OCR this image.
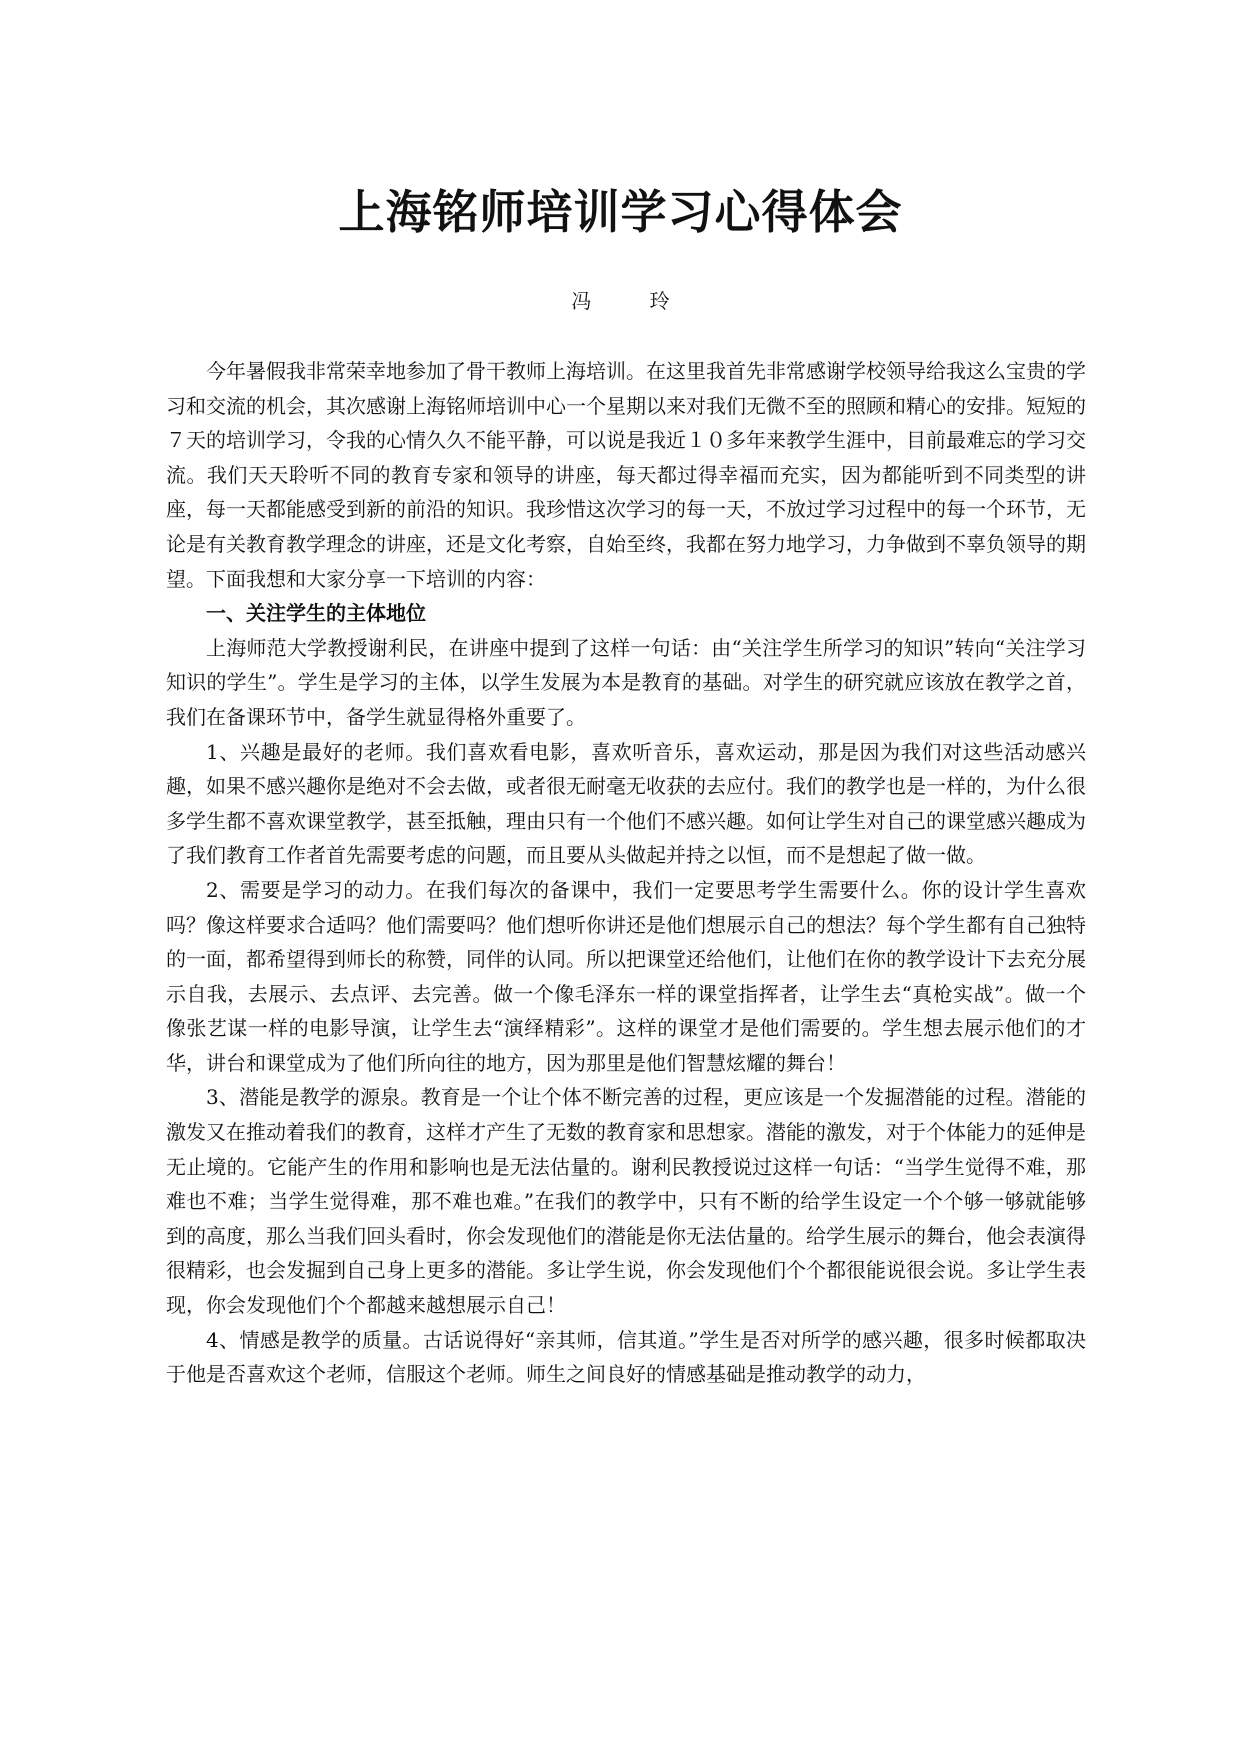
上海铭师培训学习心得体会
冯 玲

今年暑假我非常荣幸地参加了骨干教师上海培训。在这里我首先非常感谢学校领导给我这么宝贵的学习和交流的机会，其次感谢上海铭师培训中心一个星期以来对我们无微不至的照顾和精心的安排。短短的７天的培训学习，令我的心情久久不能平静，可以说是我近１０多年来教学生涯中，目前最难忘的学习交流。我们天天聆听不同的教育专家和领导的讲座，每天都过得幸福而充实，因为都能听到不同类型的讲座，每一天都能感受到新的前沿的知识。我珍惜这次学习的每一天，不放过学习过程中的每一个环节，无论是有关教育教学理念的讲座，还是文化考察，自始至终，我都在努力地学习，力争做到不辜负领导的期望。下面我想和大家分享一下培训的内容：

一、关注学生的主体地位

上海师范大学教授谢利民，在讲座中提到了这样一句话：由“关注学生所学习的知识”转向“关注学习知识的学生”。学生是学习的主体，以学生发展为本是教育的基础。对学生的研究就应该放在教学之首，我们在备课环节中，备学生就显得格外重要了。

1、兴趣是最好的老师。我们喜欢看电影，喜欢听音乐，喜欢运动，那是因为我们对这些活动感兴趣，如果不感兴趣你是绝对不会去做，或者很无耐毫无收获的去应付。我们的教学也是一样的，为什么很多学生都不喜欢课堂教学，甚至抵触，理由只有一个他们不感兴趣。如何让学生对自己的课堂感兴趣成为了我们教育工作者首先需要考虑的问题，而且要从头做起并持之以恒，而不是想起了做一做。

2、需要是学习的动力。在我们每次的备课中，我们一定要思考学生需要什么。你的设计学生喜欢吗？像这样要求合适吗？他们需要吗？他们想听你讲还是他们想展示自己的想法？每个学生都有自己独特的一面，都希望得到师长的称赞，同伴的认同。所以把课堂还给他们，让他们在你的教学设计下去充分展示自我，去展示、去点评、去完善。做一个像毛泽东一样的课堂指挥者，让学生去“真枪实战”。做一个像张艺谋一样的电影导演，让学生去“演绎精彩”。这样的课堂才是他们需要的。学生想去展示他们的才华，讲台和课堂成为了他们所向往的地方，因为那里是他们智慧炫耀的舞台！

3、潜能是教学的源泉。教育是一个让个体不断完善的过程，更应该是一个发掘潜能的过程。潜能的激发又在推动着我们的教育，这样才产生了无数的教育家和思想家。潜能的激发，对于个体能力的延伸是无止境的。它能产生的作用和影响也是无法估量的。谢利民教授说过这样一句话：“当学生觉得不难，那难也不难；当学生觉得难，那不难也难。”在我们的教学中，只有不断的给学生设定一个个够一够就能够到的高度，那么当我们回头看时，你会发现他们的潜能是你无法估量的。给学生展示的舞台，他会表演得很精彩，也会发掘到自己身上更多的潜能。多让学生说，你会发现他们个个都很能说很会说。多让学生表现，你会发现他们个个都越来越想展示自己！

4、情感是教学的质量。古话说得好“亲其师，信其道。”学生是否对所学的感兴趣，很多时候都取决于他是否喜欢这个老师，信服这个老师。师生之间良好的情感基础是推动教学的动力，
